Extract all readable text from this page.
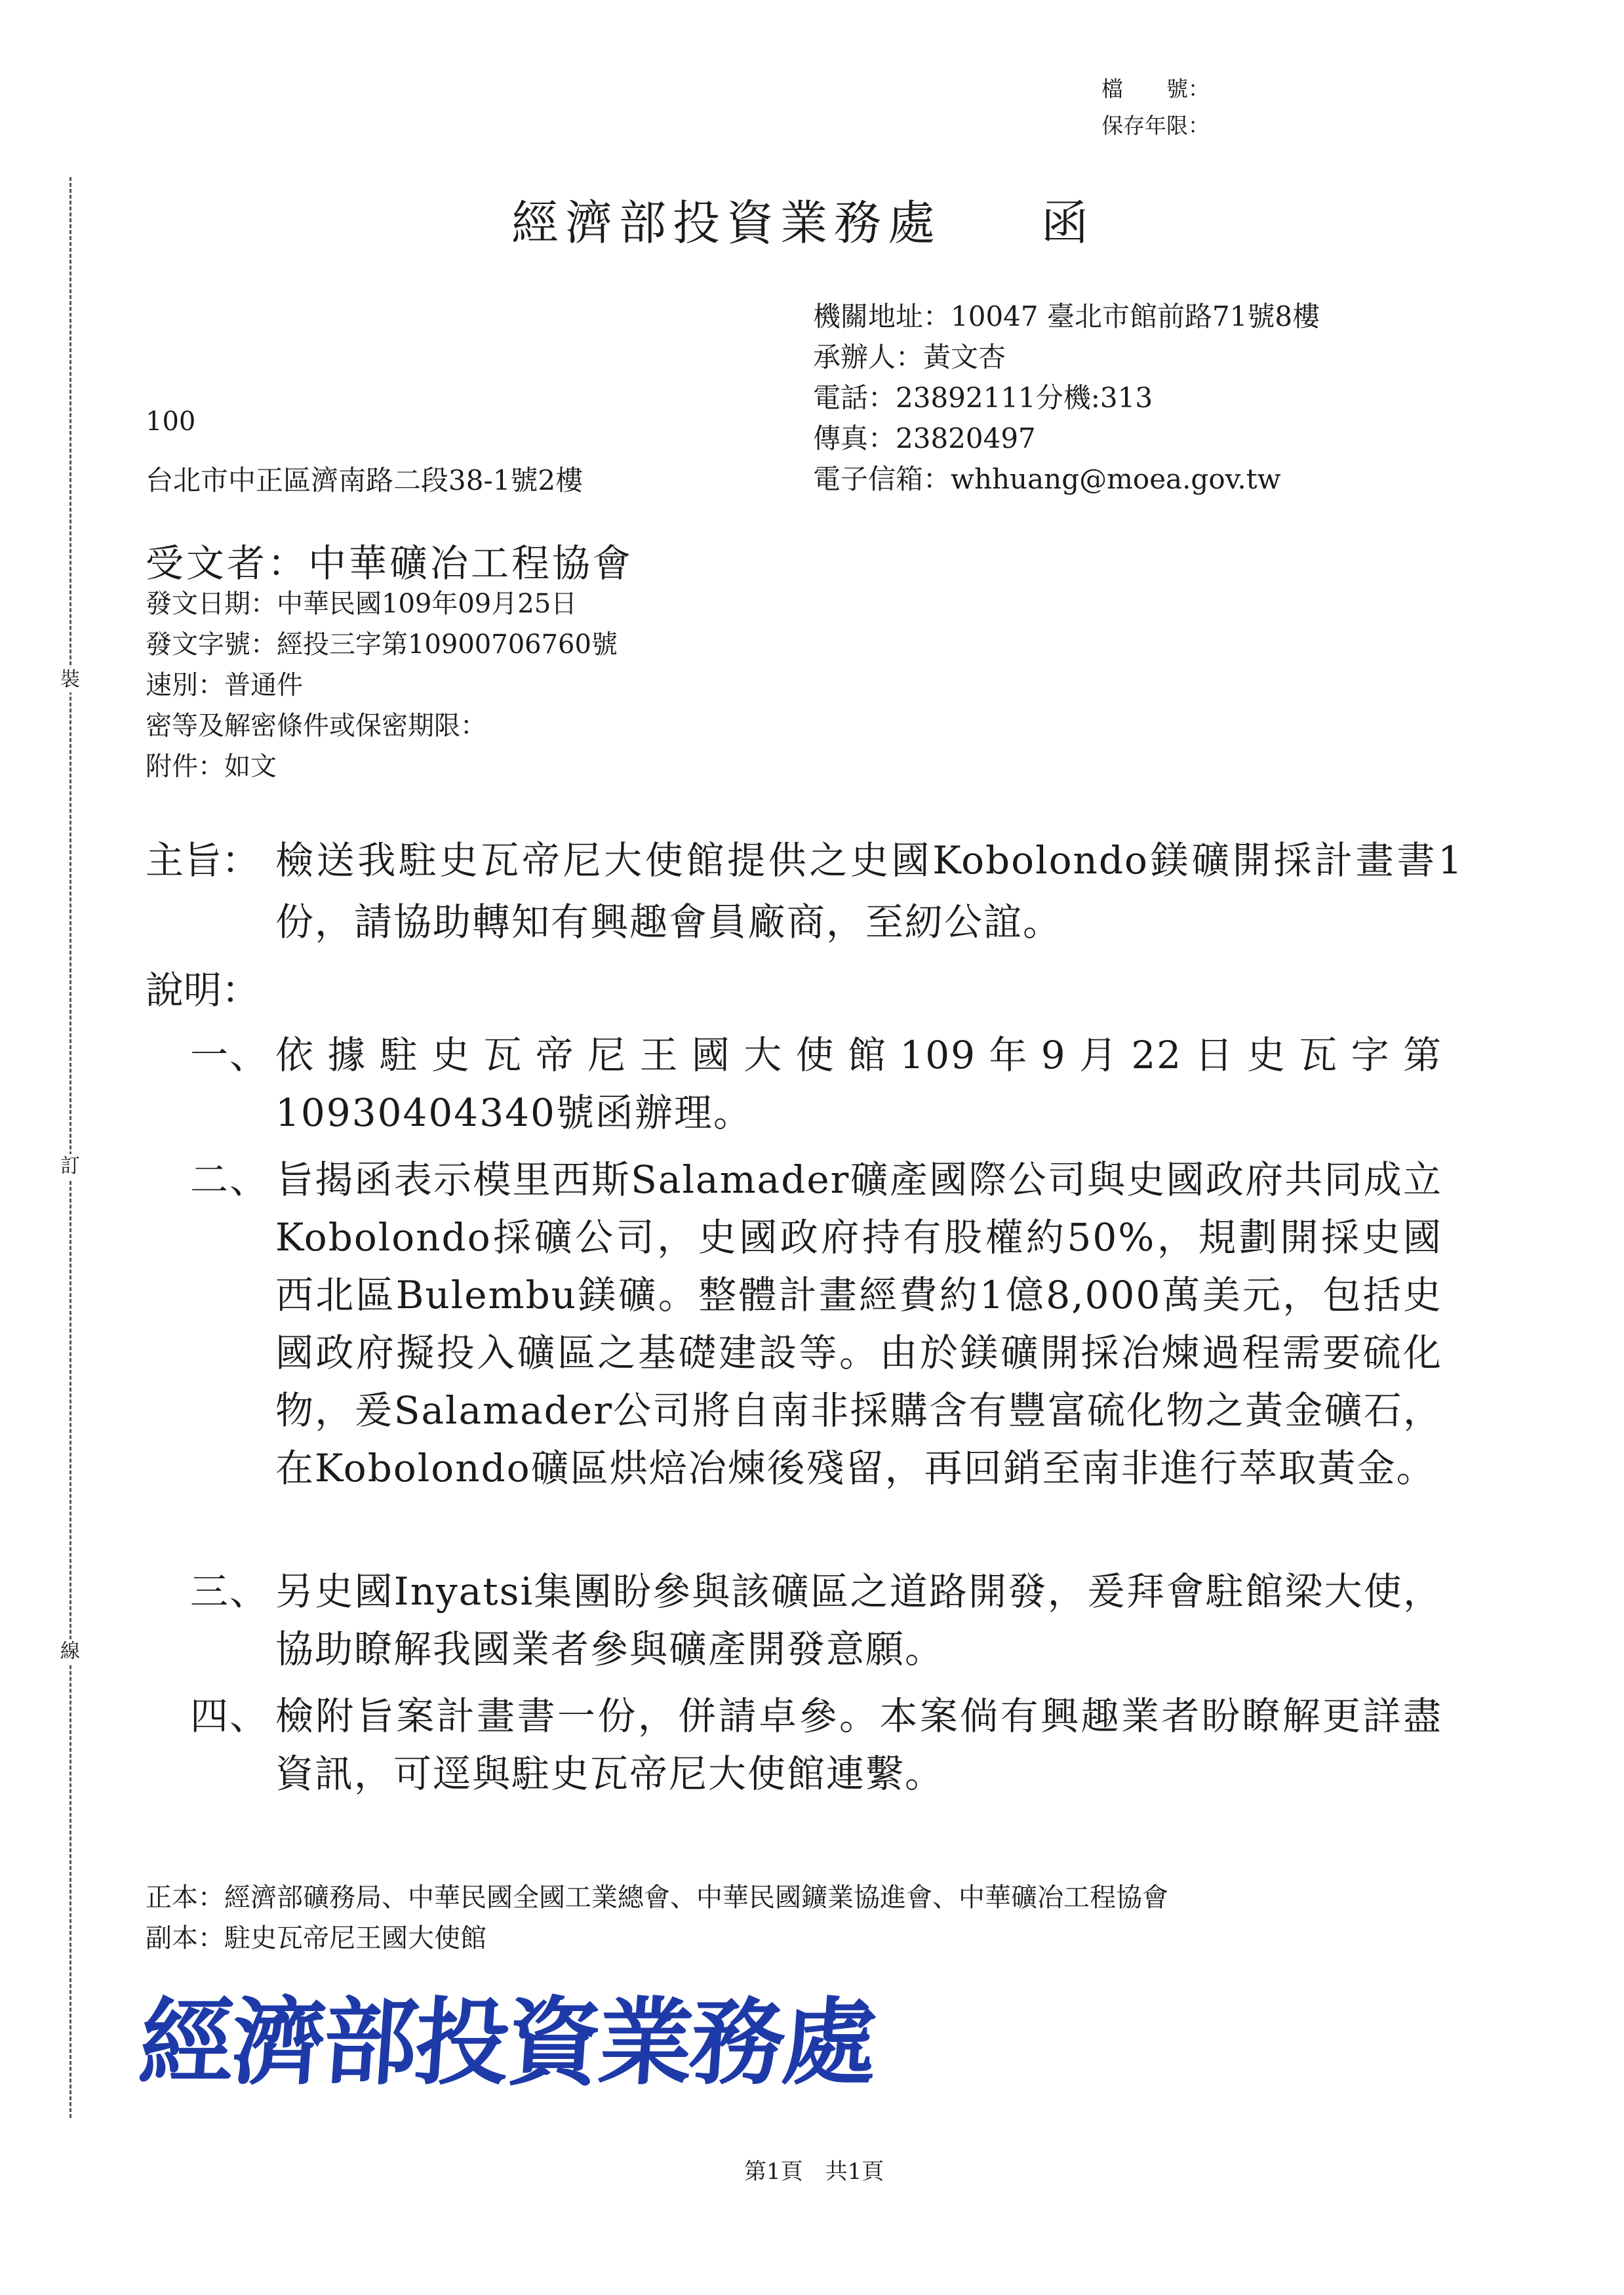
檔　　號：
保存年限：
裝
訂
線
經濟部投資業務處 函
機關地址：10047 臺北市館前路71號8樓
承辦人：黃文杏
電話：23892111分機:313
傳真：23820497
電子信箱：whhuang@moea.gov.tw
100
台北市中正區濟南路二段38-1號2樓
受文者：中華礦冶工程協會
發文日期：中華民國109年09月25日
發文字號：經投三字第10900706760號
速別：普通件
密等及解密條件或保密期限：
附件：如文
主旨： 檢送我駐史瓦帝尼大使館提供之史國Kobolondo鎂礦開採計畫書1份，請協助轉知有興趣會員廠商，至紉公誼。
說明：
一、 依據駐史瓦帝尼王國大使館109年9月22日史瓦字第10930404340號函辦理。
二、 旨揭函表示模里西斯Salamader礦產國際公司與史國政府共同成立Kobolondo採礦公司，史國政府持有股權約50%，規劃開採史國西北區Bulembu鎂礦。整體計畫經費約1億8,000萬美元，包括史國政府擬投入礦區之基礎建設等。由於鎂礦開採冶煉過程需要硫化物，爰Salamader公司將自南非採購含有豐富硫化物之黃金礦石，在Kobolondo礦區烘焙冶煉後殘留，再回銷至南非進行萃取黃金。
三、 另史國Inyatsi集團盼參與該礦區之道路開發，爰拜會駐館梁大使，協助瞭解我國業者參與礦產開發意願。
四、 檢附旨案計畫書一份，併請卓參。本案倘有興趣業者盼瞭解更詳盡資訊，可逕與駐史瓦帝尼大使館連繫。
正本：經濟部礦務局、中華民國全國工業總會、中華民國鑛業協進會、中華礦冶工程協會
副本：駐史瓦帝尼王國大使館
經濟部投資業務處
第1頁　共1頁
